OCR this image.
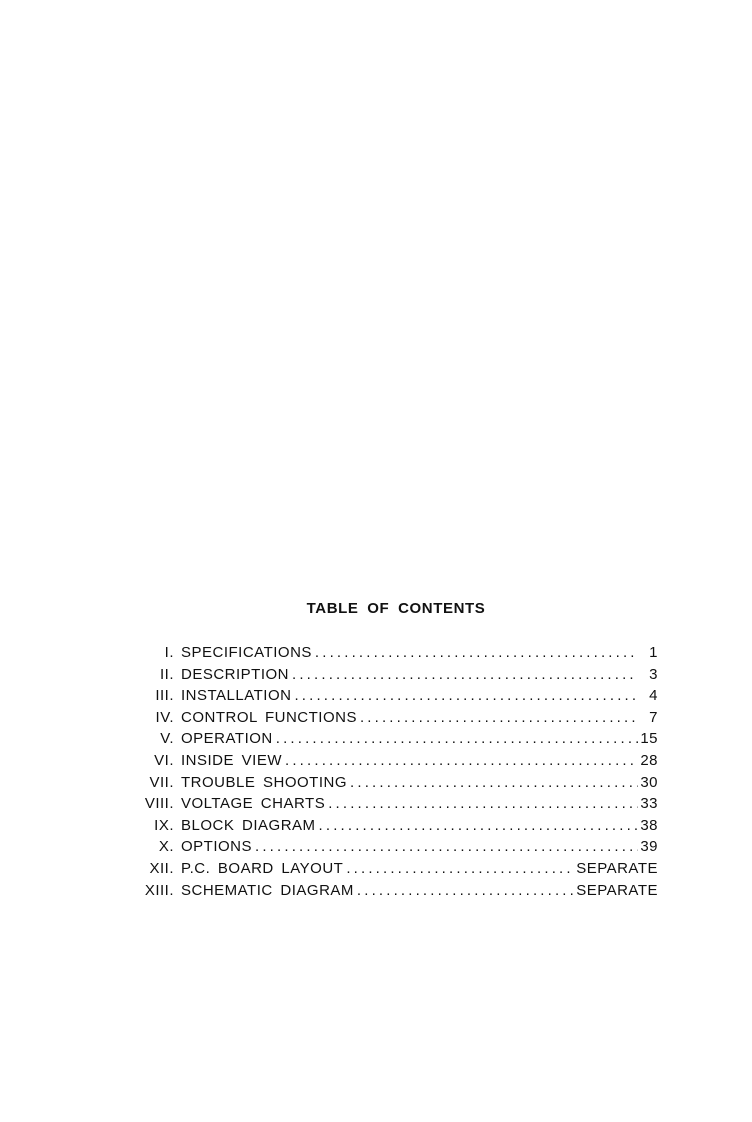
TABLE OF CONTENTS
I. SPECIFICATIONS . . .	1
II. DESCRIPTION . . .	3
III. INSTALLATION . . .	4
IV. CONTROL FUNCTIONS . . .	7
V. OPERATION . . .	15
VI. INSIDE VIEW . . .	28
VII. TROUBLE SHOOTING . . .	30
VIII. VOLTAGE CHARTS . . .	33
IX. BLOCK DIAGRAM . . .	38
X. OPTIONS . . .	39
XII. P.C. BOARD LAYOUT . . .	SEPARATE
XIII. SCHEMATIC DIAGRAM . . .	SEPARATE
